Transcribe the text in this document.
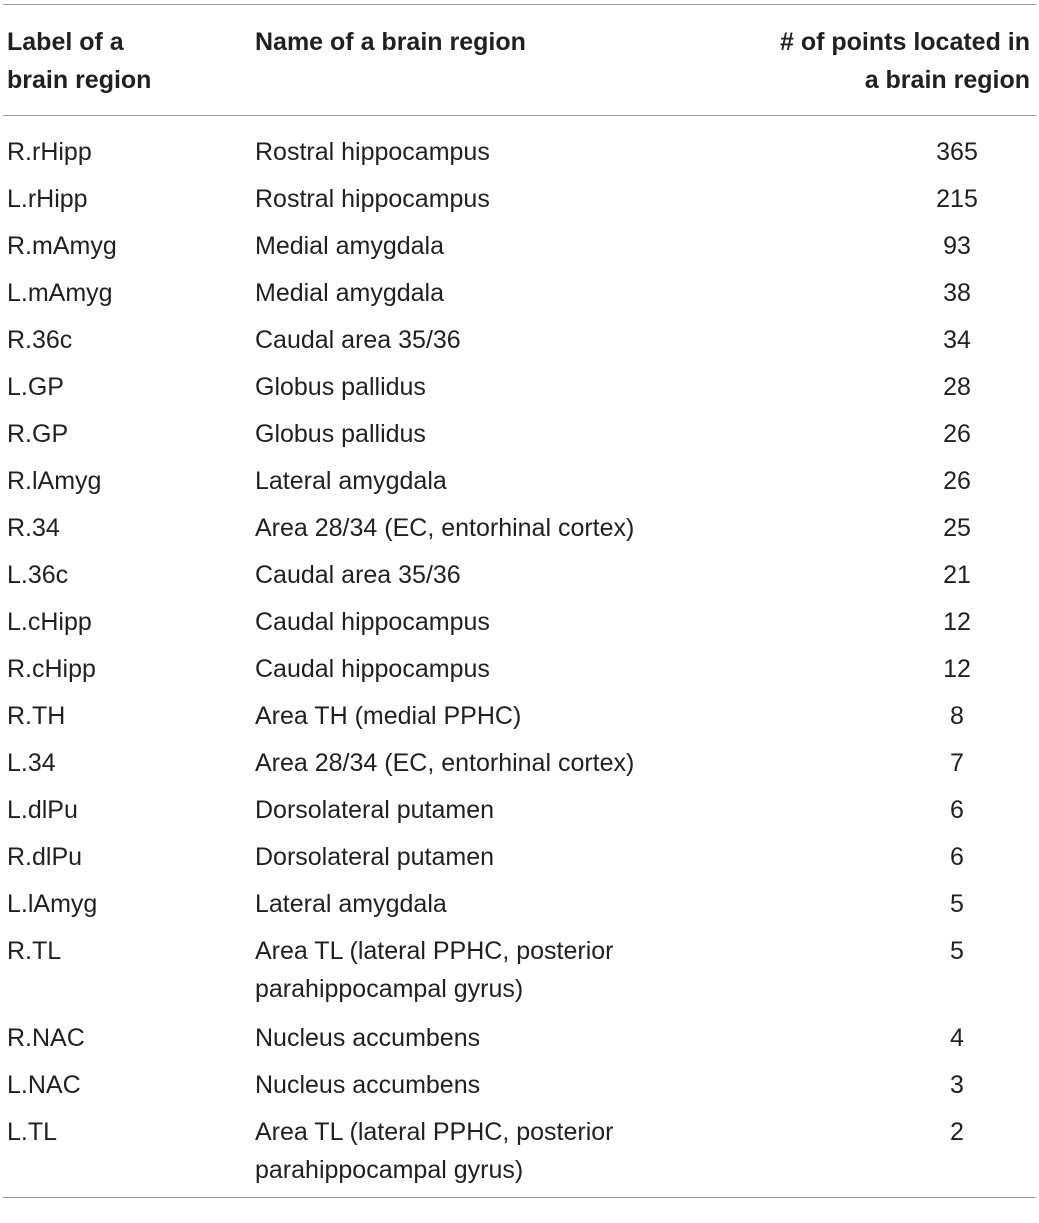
Label of a brain region	Name of a brain region	# of points located in a brain region
R.rHipp	Rostral hippocampus	365
L.rHipp	Rostral hippocampus	215
R.mAmyg	Medial amygdala	93
L.mAmyg	Medial amygdala	38
R.36c	Caudal area 35/36	34
L.GP	Globus pallidus	28
R.GP	Globus pallidus	26
R.lAmyg	Lateral amygdala	26
R.34	Area 28/34 (EC, entorhinal cortex)	25
L.36c	Caudal area 35/36	21
L.cHipp	Caudal hippocampus	12
R.cHipp	Caudal hippocampus	12
R.TH	Area TH (medial PPHC)	8
L.34	Area 28/34 (EC, entorhinal cortex)	7
L.dlPu	Dorsolateral putamen	6
R.dlPu	Dorsolateral putamen	6
L.lAmyg	Lateral amygdala	5
R.TL	Area TL (lateral PPHC, posterior parahippocampal gyrus)	5
R.NAC	Nucleus accumbens	4
L.NAC	Nucleus accumbens	3
L.TL	Area TL (lateral PPHC, posterior parahippocampal gyrus)	2
